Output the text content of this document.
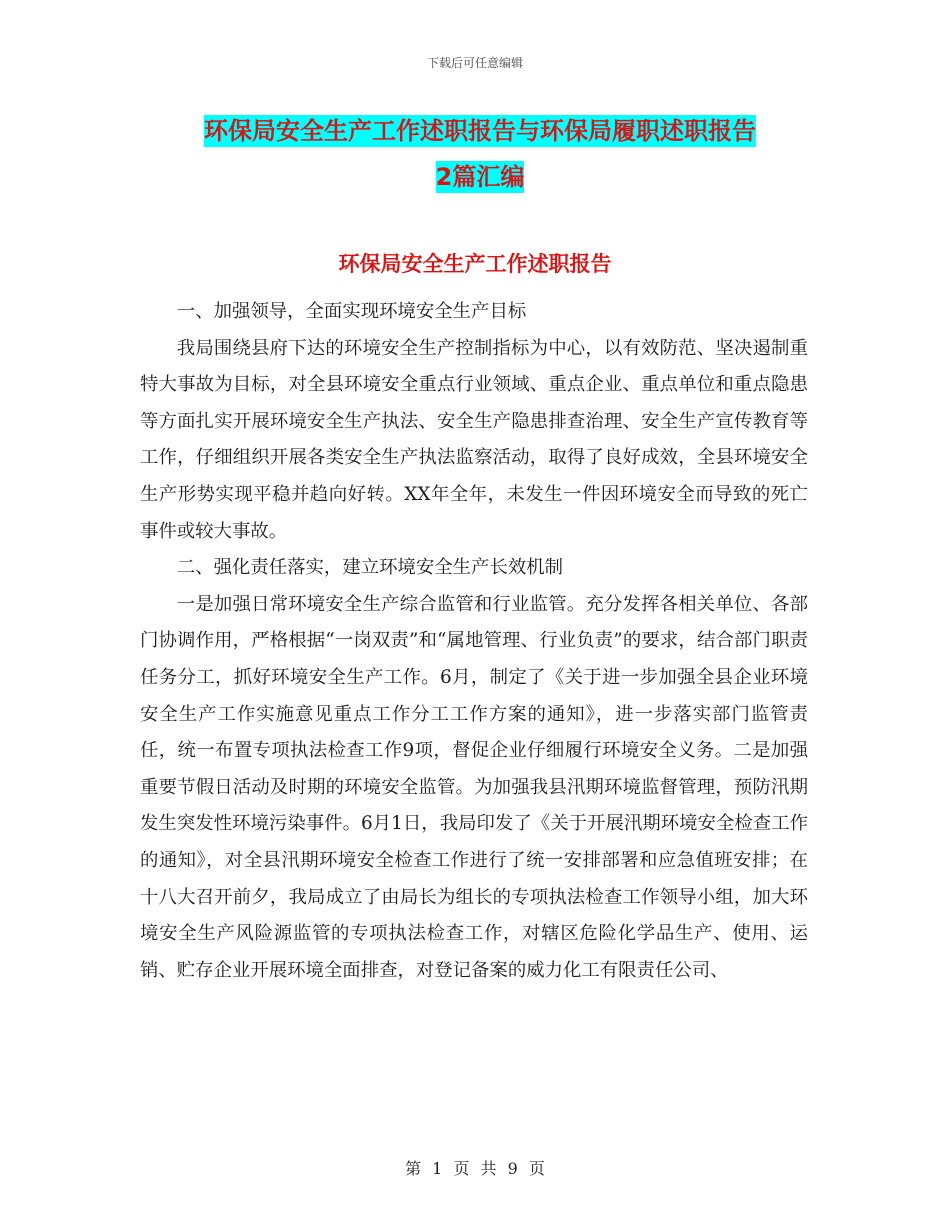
下载后可任意编辑
环保局安全生产工作述职报告与环保局履职述职报告
2篇汇编
环保局安全生产工作述职报告

一、加强领导，全面实现环境安全生产目标

我局围绕县府下达的环境安全生产控制指标为中心，以有效防范、坚决遏制重特大事故为目标，对全县环境安全重点行业领域、重点企业、重点单位和重点隐患等方面扎实开展环境安全生产执法、安全生产隐患排查治理、安全生产宣传教育等工作，仔细组织开展各类安全生产执法监察活动，取得了良好成效，全县环境安全生产形势实现平稳并趋向好转。XX年全年，未发生一件因环境安全而导致的死亡事件或较大事故。

二、强化责任落实，建立环境安全生产长效机制

一是加强日常环境安全生产综合监管和行业监管。充分发挥各相关单位、各部门协调作用，严格根据“一岗双责”和“属地管理、行业负责”的要求，结合部门职责任务分工，抓好环境安全生产工作。6月，制定了《关于进一步加强全县企业环境安全生产工作实施意见重点工作分工工作方案的通知》，进一步落实部门监管责任，统一布置专项执法检查工作9项，督促企业仔细履行环境安全义务。二是加强重要节假日活动及时期的环境安全监管。为加强我县汛期环境监督管理，预防汛期发生突发性环境污染事件。6月1日，我局印发了《关于开展汛期环境安全检查工作的通知》，对全县汛期环境安全检查工作进行了统一安排部署和应急值班安排；在十八大召开前夕，我局成立了由局长为组长的专项执法检查工作领导小组，加大环境安全生产风险源监管的专项执法检查工作，对辖区危险化学品生产、使用、运销、贮存企业开展环境全面排查，对登记备案的威力化工有限责任公司、

第 1 页 共 9 页
